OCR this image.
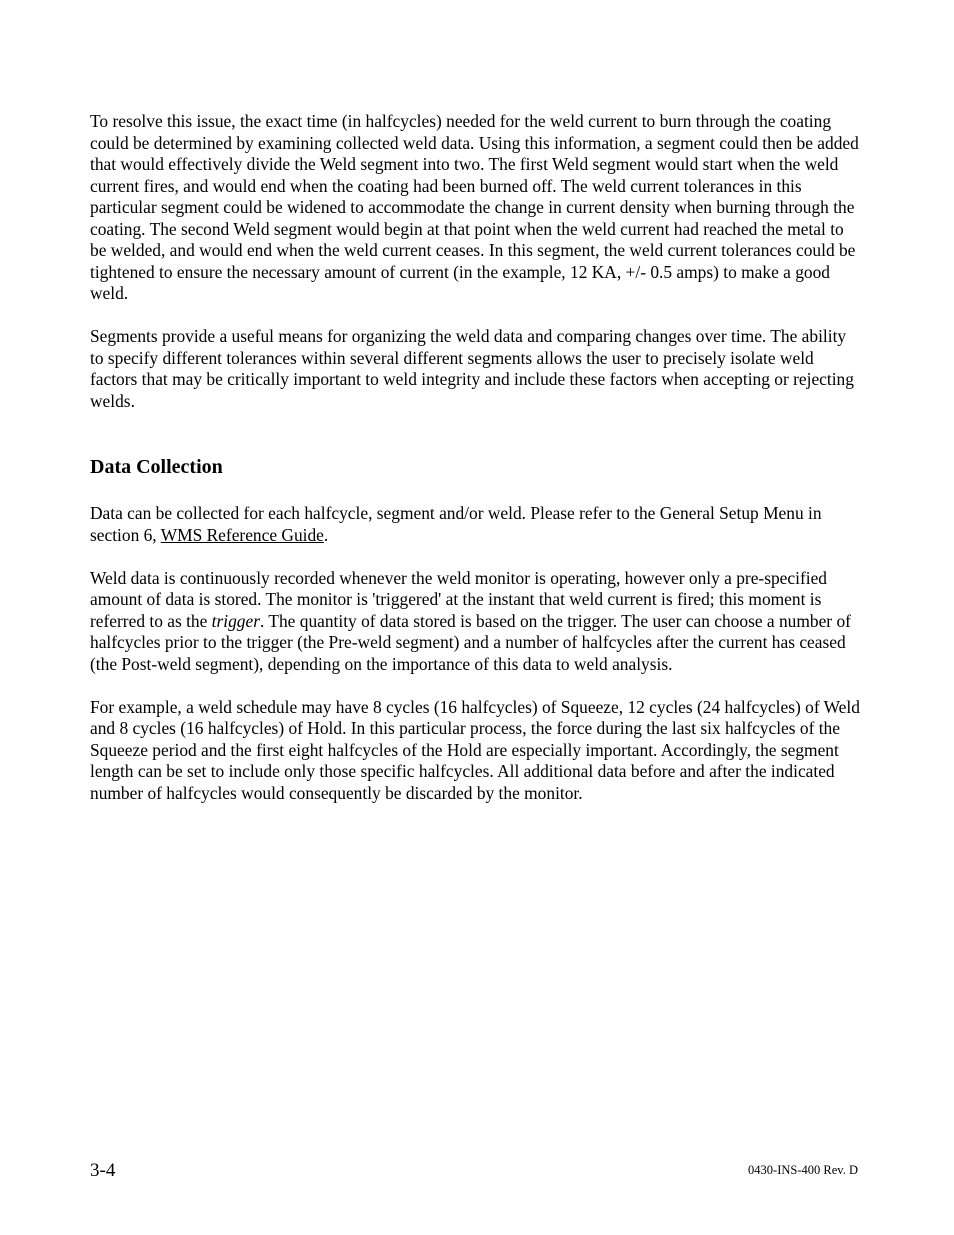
To resolve this issue, the exact time (in halfcycles) needed for the weld current to burn through the coating could be determined by examining collected weld data. Using this information, a segment could then be added that would effectively divide the Weld segment into two. The first Weld segment would start when the weld current fires, and would end when the coating had been burned off. The weld current tolerances in this particular segment could be widened to accommodate the change in current density when burning through the coating. The second Weld segment would begin at that point when the weld current had reached the metal to be welded, and would end when the weld current ceases. In this segment, the weld current tolerances could be tightened to ensure the necessary amount of current (in the example, 12 KA, +/- 0.5 amps) to make a good weld.

Segments provide a useful means for organizing the weld data and comparing changes over time. The ability to specify different tolerances within several different segments allows the user to precisely isolate weld factors that may be critically important to weld integrity and include these factors when accepting or rejecting welds.

Data Collection

Data can be collected for each halfcycle, segment and/or weld. Please refer to the General Setup Menu in section 6, WMS Reference Guide.

Weld data is continuously recorded whenever the weld monitor is operating, however only a pre-specified amount of data is stored. The monitor is 'triggered' at the instant that weld current is fired; this moment is referred to as the trigger. The quantity of data stored is based on the trigger. The user can choose a number of halfcycles prior to the trigger (the Pre-weld segment) and a number of halfcycles after the current has ceased (the Post-weld segment), depending on the importance of this data to weld analysis.

For example, a weld schedule may have 8 cycles (16 halfcycles) of Squeeze, 12 cycles (24 halfcycles) of Weld and 8 cycles (16 halfcycles) of Hold. In this particular process, the force during the last six halfcycles of the Squeeze period and the first eight halfcycles of the Hold are especially important. Accordingly, the segment length can be set to include only those specific halfcycles. All additional data before and after the indicated number of halfcycles would consequently be discarded by the monitor.

3-4	0430-INS-400 Rev. D
